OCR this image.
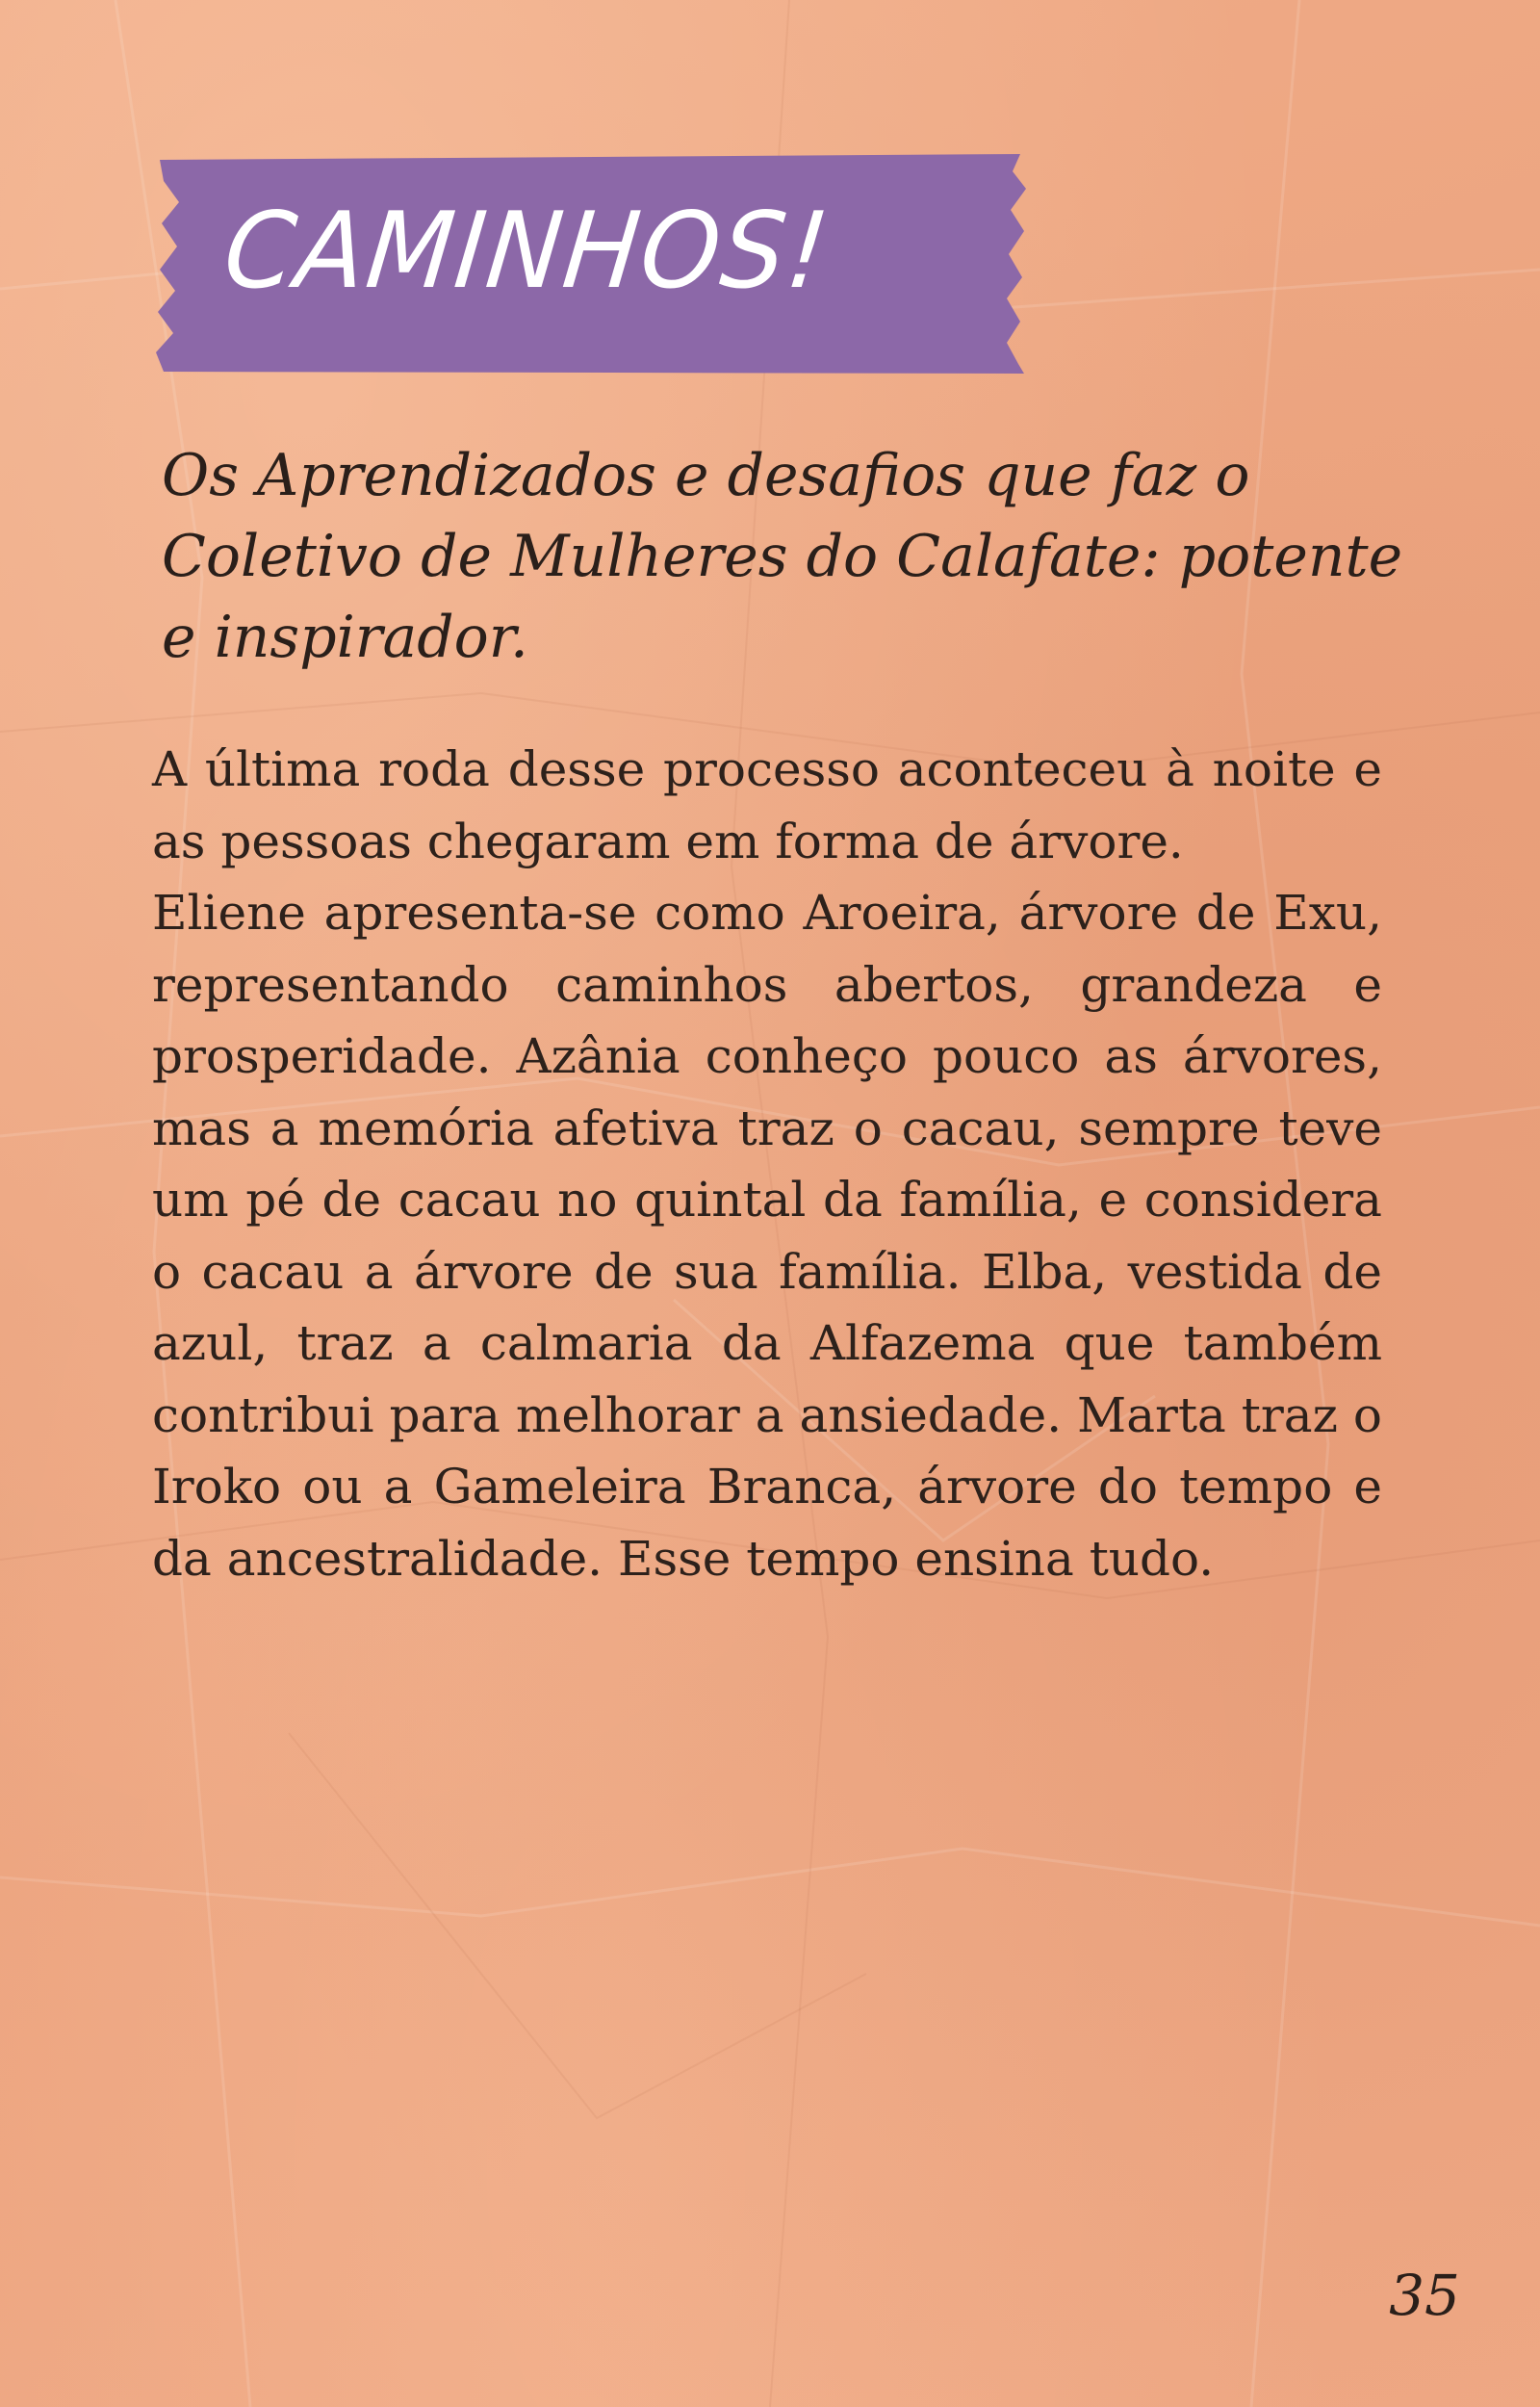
CAMINHOS!

Os Aprendizados e desafios que faz o Coletivo de Mulheres do Calafate: potente e inspirador.

A última roda desse processo aconteceu à noite e as pessoas chegaram em forma de árvore.
Eliene apresenta-se como Aroeira, árvore de Exu, representando caminhos abertos, grandeza e prosperidade. Azânia conheço pouco as árvores, mas a memória afetiva traz o cacau, sempre teve um pé de cacau no quintal da família, e considera o cacau a árvore de sua família. Elba, vestida de azul, traz a calmaria da Alfazema que também contribui para melhorar a ansiedade. Marta traz o Iroko ou a Gameleira Branca, árvore do tempo e da ancestralidade. Esse tempo ensina tudo.
35
